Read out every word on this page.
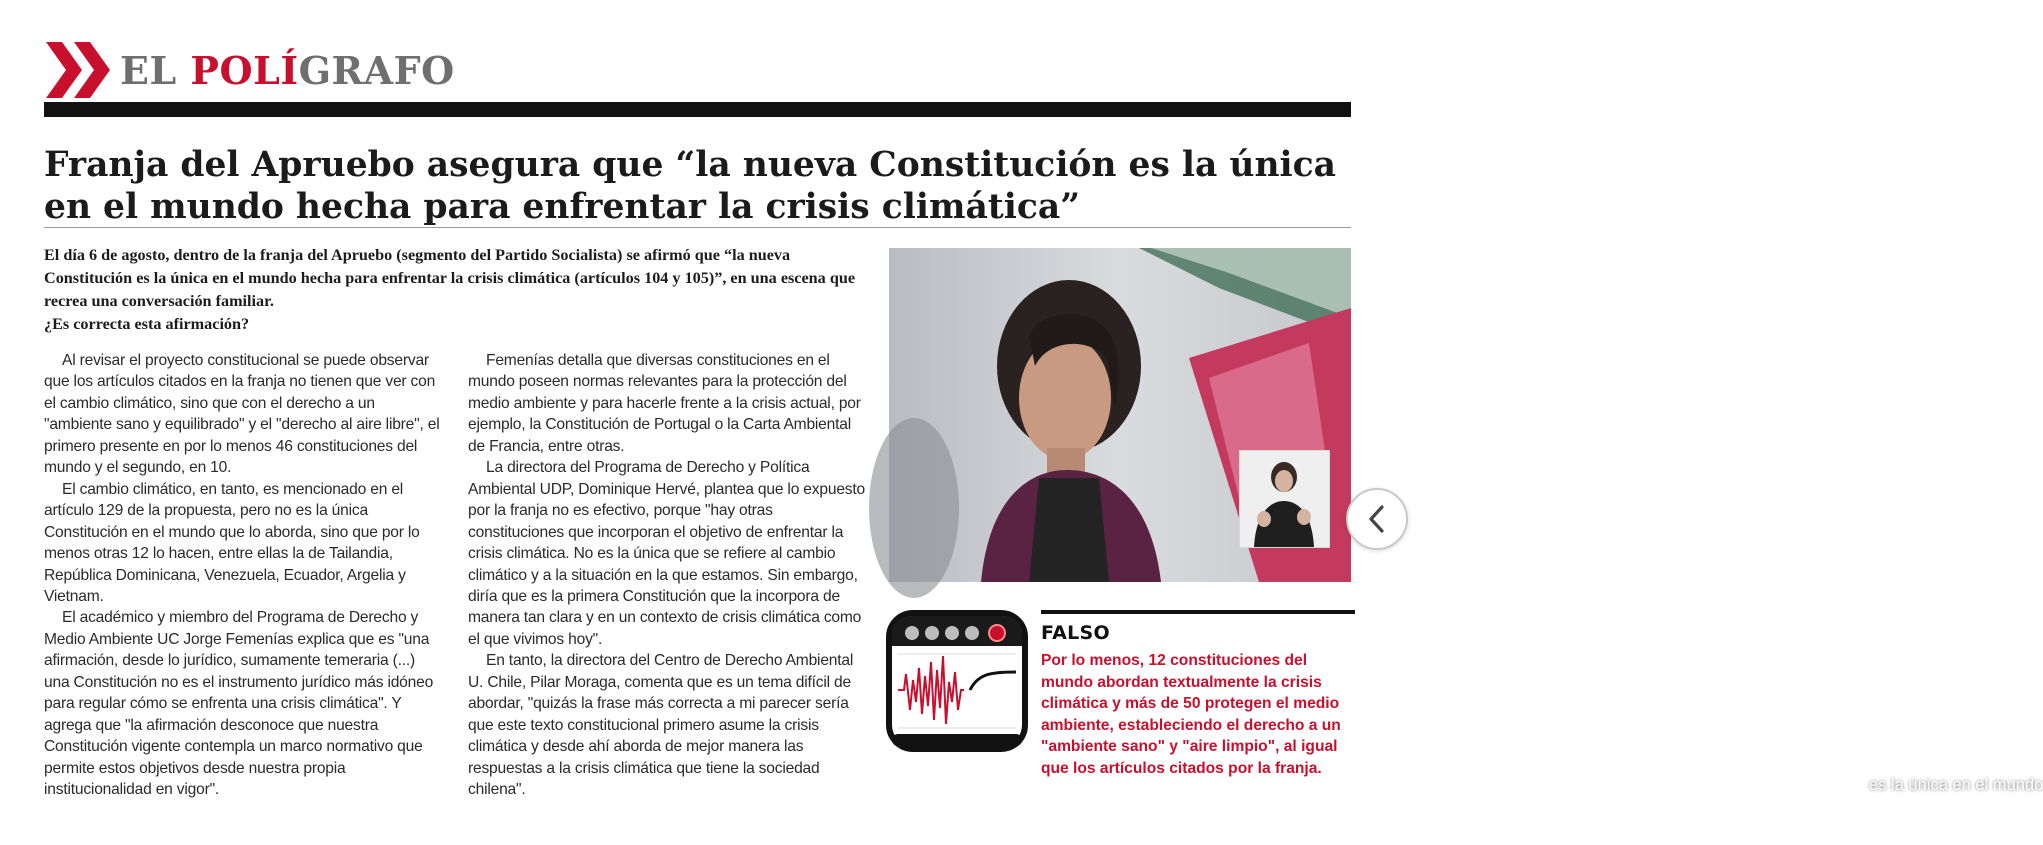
EL POLÍGRAFO
Franja del Apruebo asegura que “la nueva Constitución es la única en el mundo hecha para enfrentar la crisis climática”

El día 6 de agosto, dentro de la franja del Apruebo (segmento del Partido Socialista) se afirmó que “la nueva Constitución es la única en el mundo hecha para enfrentar la crisis climática (artículos 104 y 105)”, en una escena que recrea una conversación familiar.

¿Es correcta esta afirmación?

Al revisar el proyecto constitucional se puede observar que los artículos citados en la franja no tienen que ver con el cambio climático, sino que con el derecho a un "ambiente sano y equilibrado" y el "derecho al aire libre", el primero presente en por lo menos 46 constituciones del mundo y el segundo, en 10.

El cambio climático, en tanto, es mencionado en el artículo 129 de la propuesta, pero no es la única Constitución en el mundo que lo aborda, sino que por lo menos otras 12 lo hacen, entre ellas la de Tailandia, República Dominicana, Venezuela, Ecuador, Argelia y Vietnam.

El académico y miembro del Programa de Derecho y Medio Ambiente UC Jorge Femenías explica que es "una afirmación, desde lo jurídico, sumamente temeraria (...) una Constitución no es el instrumento jurídico más idóneo para regular cómo se enfrenta una crisis climática". Y agrega que "la afirmación desconoce que nuestra Constitución vigente contempla un marco normativo que permite estos objetivos desde nuestra propia institucionalidad en vigor".

Femenías detalla que diversas constituciones en el mundo poseen normas relevantes para la protección del medio ambiente y para hacerle frente a la crisis actual, por ejemplo, la Constitución de Portugal o la Carta Ambiental de Francia, entre otras.

La directora del Programa de Derecho y Política Ambiental UDP, Dominique Hervé, plantea que lo expuesto por la franja no es efectivo, porque "hay otras constituciones que incorporan el objetivo de enfrentar la crisis climática. No es la única que se refiere al cambio climático y a la situación en la que estamos. Sin embargo, diría que es la primera Constitución que la incorpora de manera tan clara y en un contexto de crisis climática como el que vivimos hoy".

En tanto, la directora del Centro de Derecho Ambiental U. Chile, Pilar Moraga, comenta que es un tema difícil de abordar, "quizás la frase más correcta a mi parecer sería que este texto constitucional primero asume la crisis climática y desde ahí aborda de mejor manera las respuestas a la crisis climática que tiene la sociedad chilena".	es la única en el mundo
FALSO
Por lo menos, 12 constituciones del mundo abordan textualmente la crisis climática y más de 50 protegen el medio ambiente, estableciendo el derecho a un "ambiente sano" y "aire limpio", al igual que los artículos citados por la franja.
